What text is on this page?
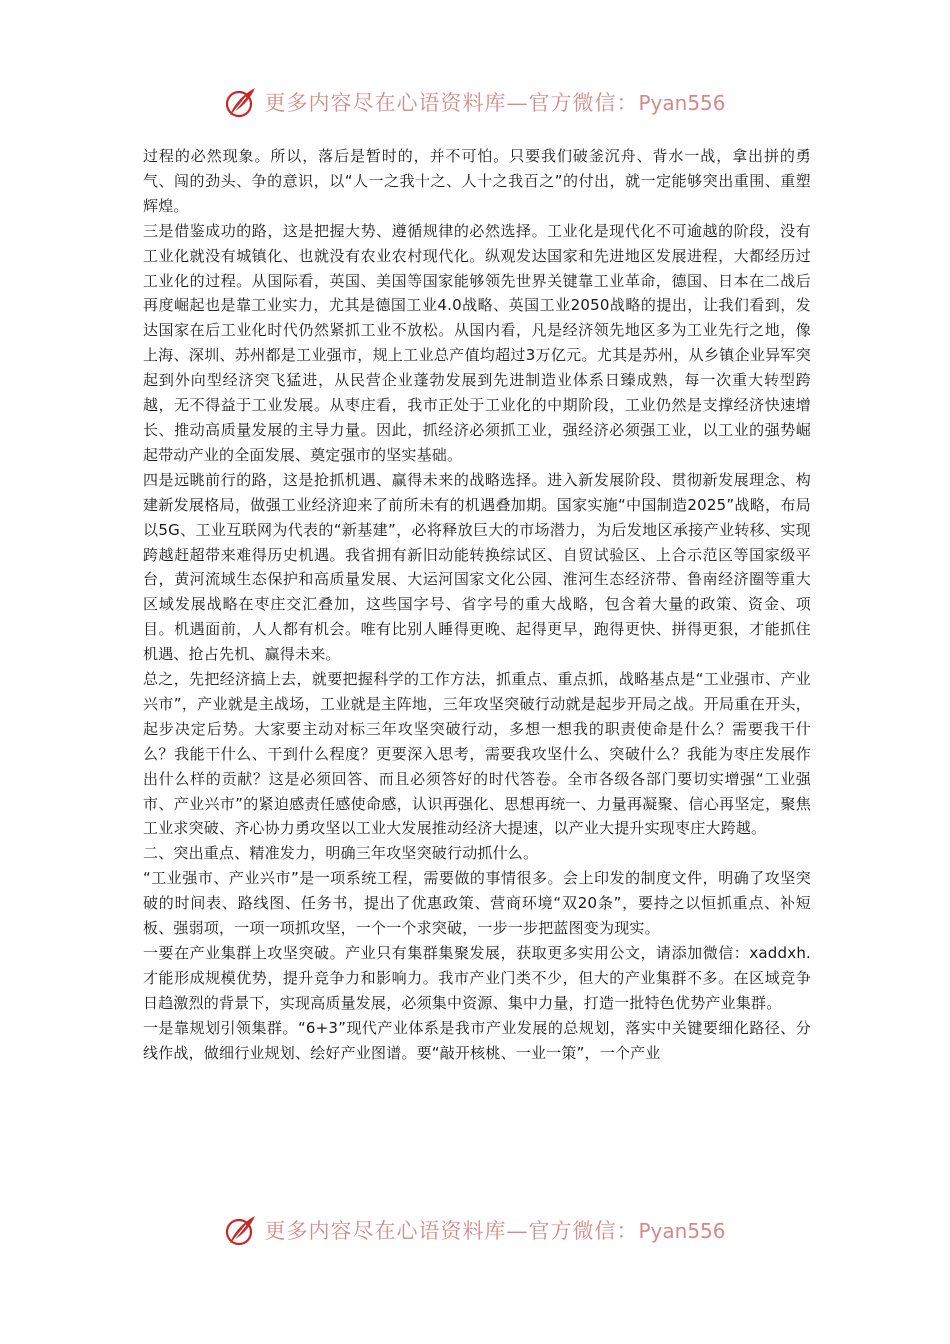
更多内容尽在心语资料库—官方微信：Pyan556

过程的必然现象。所以，落后是暂时的，并不可怕。只要我们破釜沉舟、背水一战，拿出拼的勇气、闯的劲头、争的意识，以“人一之我十之、人十之我百之”的付出，就一定能够突出重围、重塑辉煌。

三是借鉴成功的路，这是把握大势、遵循规律的必然选择。工业化是现代化不可逾越的阶段，没有工业化就没有城镇化、也就没有农业农村现代化。纵观发达国家和先进地区发展进程，大都经历过工业化的过程。从国际看，英国、美国等国家能够领先世界关键靠工业革命，德国、日本在二战后再度崛起也是靠工业实力，尤其是德国工业4.0战略、英国工业2050战略的提出，让我们看到，发达国家在后工业化时代仍然紧抓工业不放松。从国内看，凡是经济领先地区多为工业先行之地，像上海、深圳、苏州都是工业强市，规上工业总产值均超过3万亿元。尤其是苏州，从乡镇企业异军突起到外向型经济突飞猛进，从民营企业蓬勃发展到先进制造业体系日臻成熟，每一次重大转型跨越，无不得益于工业发展。从枣庄看，我市正处于工业化的中期阶段，工业仍然是支撑经济快速增长、推动高质量发展的主导力量。因此，抓经济必须抓工业，强经济必须强工业，以工业的强势崛起带动产业的全面发展、奠定强市的坚实基础。

四是远眺前行的路，这是抢抓机遇、赢得未来的战略选择。进入新发展阶段、贯彻新发展理念、构建新发展格局，做强工业经济迎来了前所未有的机遇叠加期。国家实施“中国制造2025”战略，布局以5G、工业互联网为代表的“新基建”，必将释放巨大的市场潜力，为后发地区承接产业转移、实现跨越赶超带来难得历史机遇。我省拥有新旧动能转换综试区、自贸试验区、上合示范区等国家级平台，黄河流域生态保护和高质量发展、大运河国家文化公园、淮河生态经济带、鲁南经济圈等重大区域发展战略在枣庄交汇叠加，这些国字号、省字号的重大战略，包含着大量的政策、资金、项目。机遇面前，人人都有机会。唯有比别人睡得更晚、起得更早，跑得更快、拼得更狠，才能抓住机遇、抢占先机、赢得未来。

总之，先把经济搞上去，就要把握科学的工作方法，抓重点、重点抓，战略基点是“工业强市、产业兴市”，产业就是主战场，工业就是主阵地，三年攻坚突破行动就是起步开局之战。开局重在开头，起步决定后势。大家要主动对标三年攻坚突破行动，多想一想我的职责使命是什么？需要我干什么？我能干什么、干到什么程度？更要深入思考，需要我攻坚什么、突破什么？我能为枣庄发展作出什么样的贡献？这是必须回答、而且必须答好的时代答卷。全市各级各部门要切实增强“工业强市、产业兴市”的紧迫感责任感使命感，认识再强化、思想再统一、力量再凝聚、信心再坚定，聚焦工业求突破、齐心协力勇攻坚以工业大发展推动经济大提速，以产业大提升实现枣庄大跨越。

二、突出重点、精准发力，明确三年攻坚突破行动抓什么。

“工业强市、产业兴市”是一项系统工程，需要做的事情很多。会上印发的制度文件，明确了攻坚突破的时间表、路线图、任务书，提出了优惠政策、营商环境“双20条”，要持之以恒抓重点、补短板、强弱项，一项一项抓攻坚，一个一个求突破，一步一步把蓝图变为现实。

一要在产业集群上攻坚突破。产业只有集群集聚发展，获取更多实用公文，请添加微信：xaddxh.才能形成规模优势，提升竞争力和影响力。我市产业门类不少，但大的产业集群不多。在区域竞争日趋激烈的背景下，实现高质量发展，必须集中资源、集中力量，打造一批特色优势产业集群。

一是靠规划引领集群。“6+3”现代产业体系是我市产业发展的总规划，落实中关键要细化路径、分线作战，做细行业规划、绘好产业图谱。要“敲开核桃、一业一策”，一个产业

更多内容尽在心语资料库—官方微信：Pyan556
